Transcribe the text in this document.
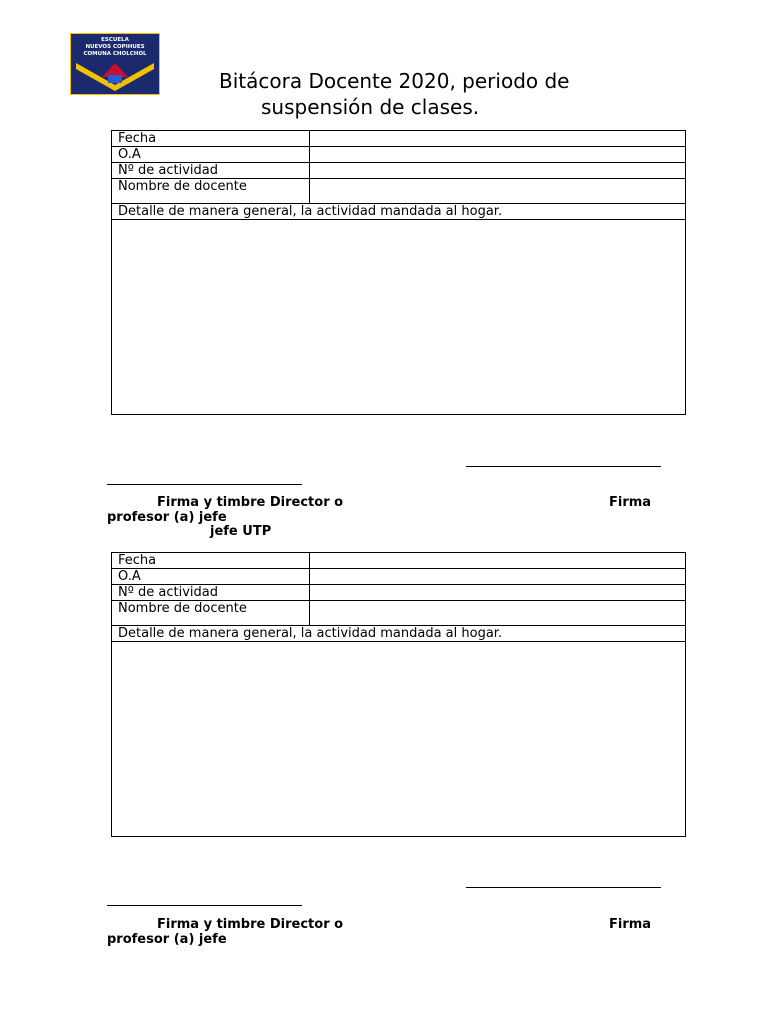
ESCUELA
NUEVOS COPIHUES
COMUNA CHOLCHOL
Bitácora Docente 2020, periodo de
suspensión de clases.
Fecha	
O.A	
Nº de actividad	
Nombre de docente	
Detalle de manera general, la actividad mandada al hogar.	

Firma y timbre Director o	Firma
profesor (a) jefe
jefe UTP
Fecha	
O.A	
Nº de actividad	
Nombre de docente	
Detalle de manera general, la actividad mandada al hogar.	

Firma y timbre Director o	Firma
profesor (a) jefe
